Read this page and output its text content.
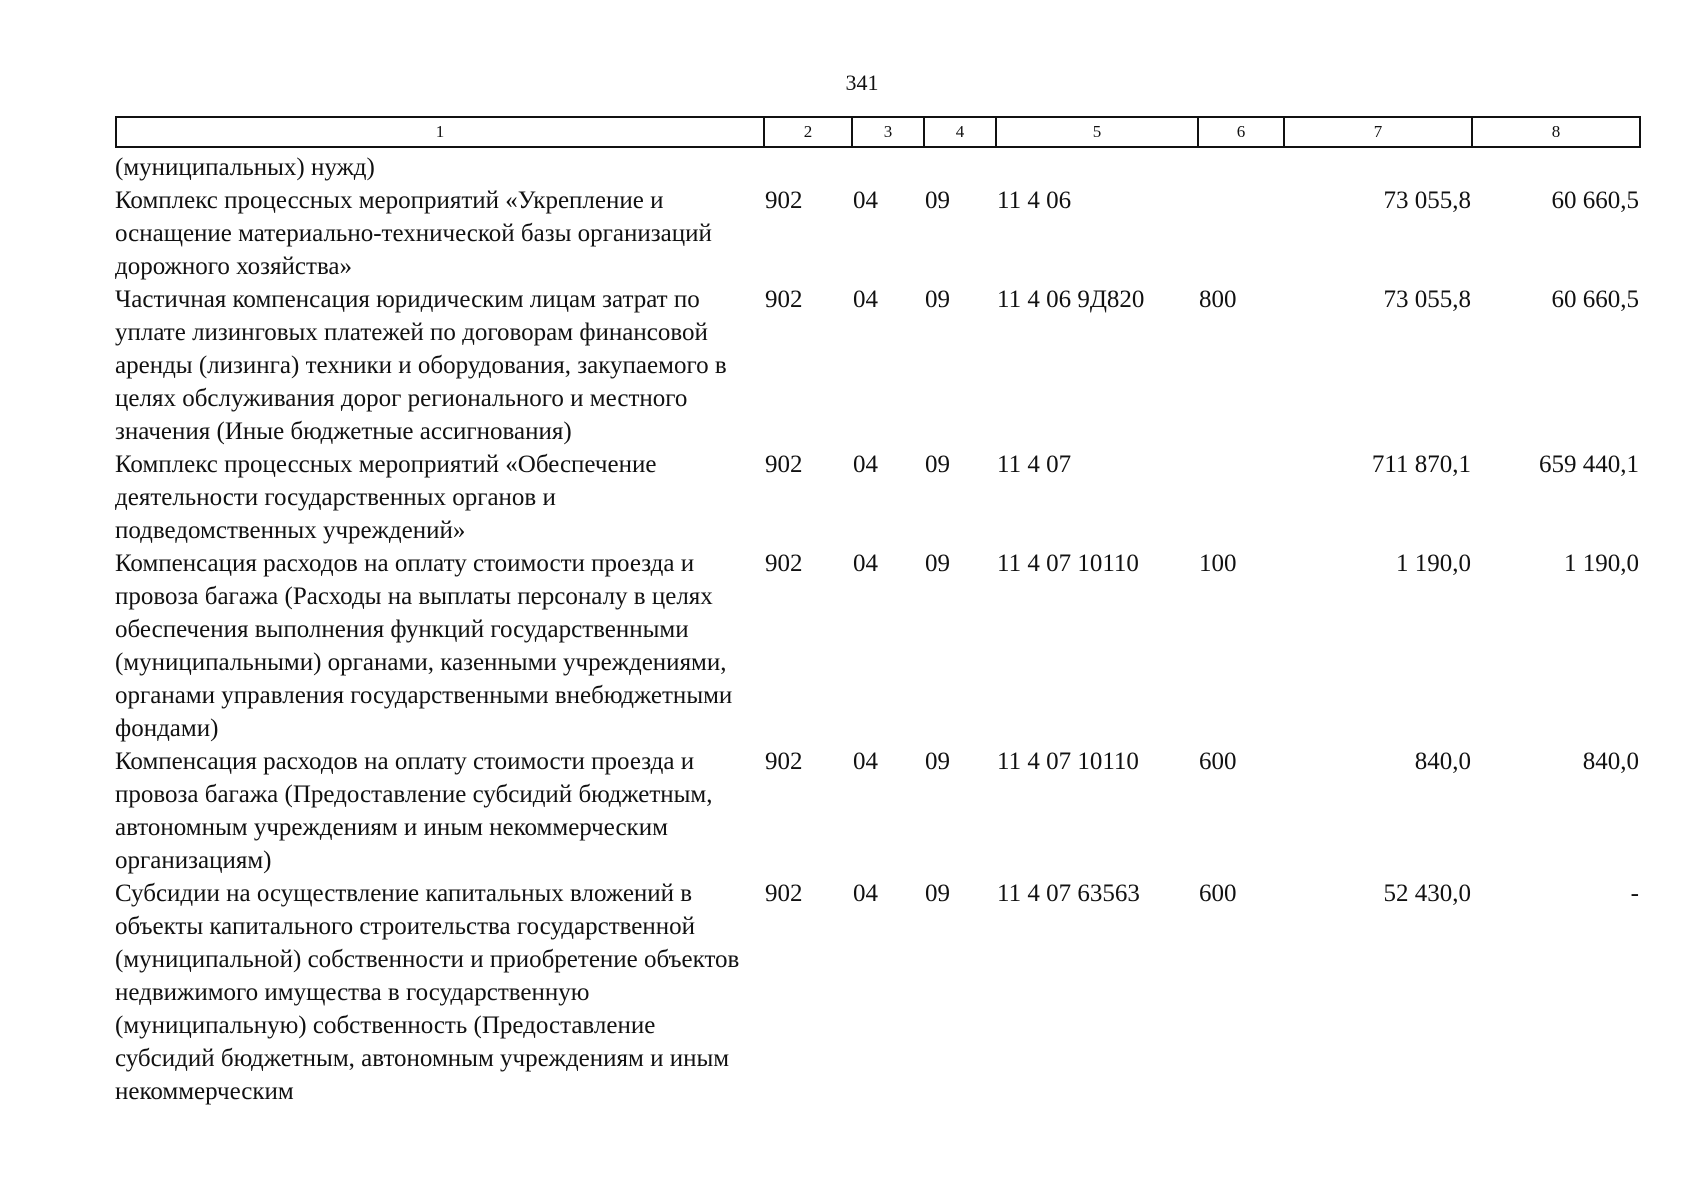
341
1	2	3	4	5	6	7	8
(муниципальных) нужд)							
Комплекс процессных мероприятий «Укрепление и оснащение материально-технической базы организаций дорожного хозяйства»	902	04	09	11 4 06		73 055,8	60 660,5
Частичная компенсация юридическим лицам затрат по уплате лизинговых платежей по договорам финансовой аренды (лизинга) техники и оборудования, закупаемого в целях обслуживания дорог регионального и местного значения (Иные бюджетные ассигнования)	902	04	09	11 4 06 9Д820	800	73 055,8	60 660,5
Комплекс процессных мероприятий «Обеспечение деятельности государственных органов и подведомственных учреждений»	902	04	09	11 4 07		711 870,1	659 440,1
Компенсация расходов на оплату стоимости проезда и провоза багажа (Расходы на выплаты персоналу в целях обеспечения выполнения функций государственными (муниципальными) органами, казенными учреждениями, органами управления государственными внебюджетными фондами)	902	04	09	11 4 07 10110	100	1 190,0	1 190,0
Компенсация расходов на оплату стоимости проезда и провоза багажа (Предоставление субсидий бюджетным, автономным учреждениям и иным некоммерческим организациям)	902	04	09	11 4 07 10110	600	840,0	840,0
Субсидии на осуществление капитальных вложений в объекты капитального строительства государственной (муниципальной) собственности и приобретение объектов недвижимого имущества в государственную (муниципальную) собственность (Предоставление субсидий бюджетным, автономным учреждениям и иным некоммерческим	902	04	09	11 4 07 63563	600	52 430,0	-
